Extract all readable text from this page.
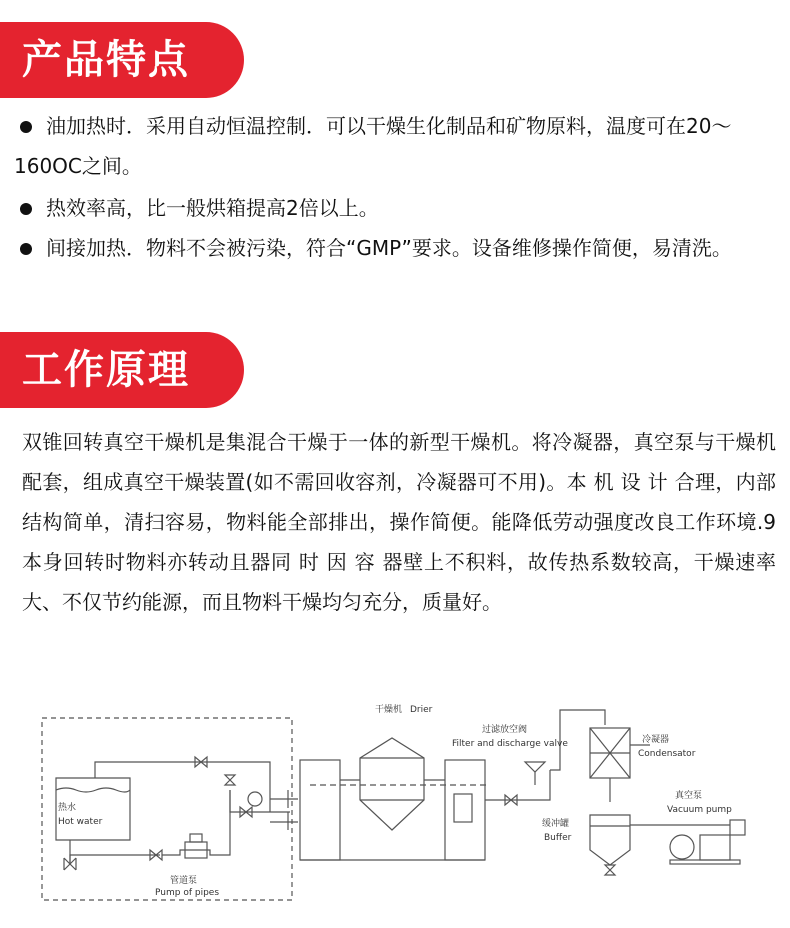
产品特点
油加热时．采用自动恒温控制．可以干燥生化制品和矿物原料，温度可在20～160OC之间。
热效率高，比一般烘箱提高2倍以上。
间接加热．物料不会被污染，符合“GMP”要求。设备维修操作简便，易清洗。
工作原理
双锥回转真空干燥机是集混合干燥于一体的新型干燥机。将冷凝器，真空泵与干燥机配套，组成真空干燥装置(如不需回收容剂，冷凝器可不用)。本 机 设 计 合理，内部结构简单，清扫容易，物料能全部排出，操作简便。能降低劳动强度改良工作环境.9本身回转时物料亦转动且器同 时 因 容 器壁上不积料，故传热系数较高，干燥速率大、不仅节约能源，而且物料干燥均匀充分，质量好。
热水
Hot water
管道泵
Pump of pipes
干燥机 Drier
过滤放空阀
Filter and discharge valve	冷凝器
Condensator
真空泵
Vacuum pump
缓冲罐
Buffer
